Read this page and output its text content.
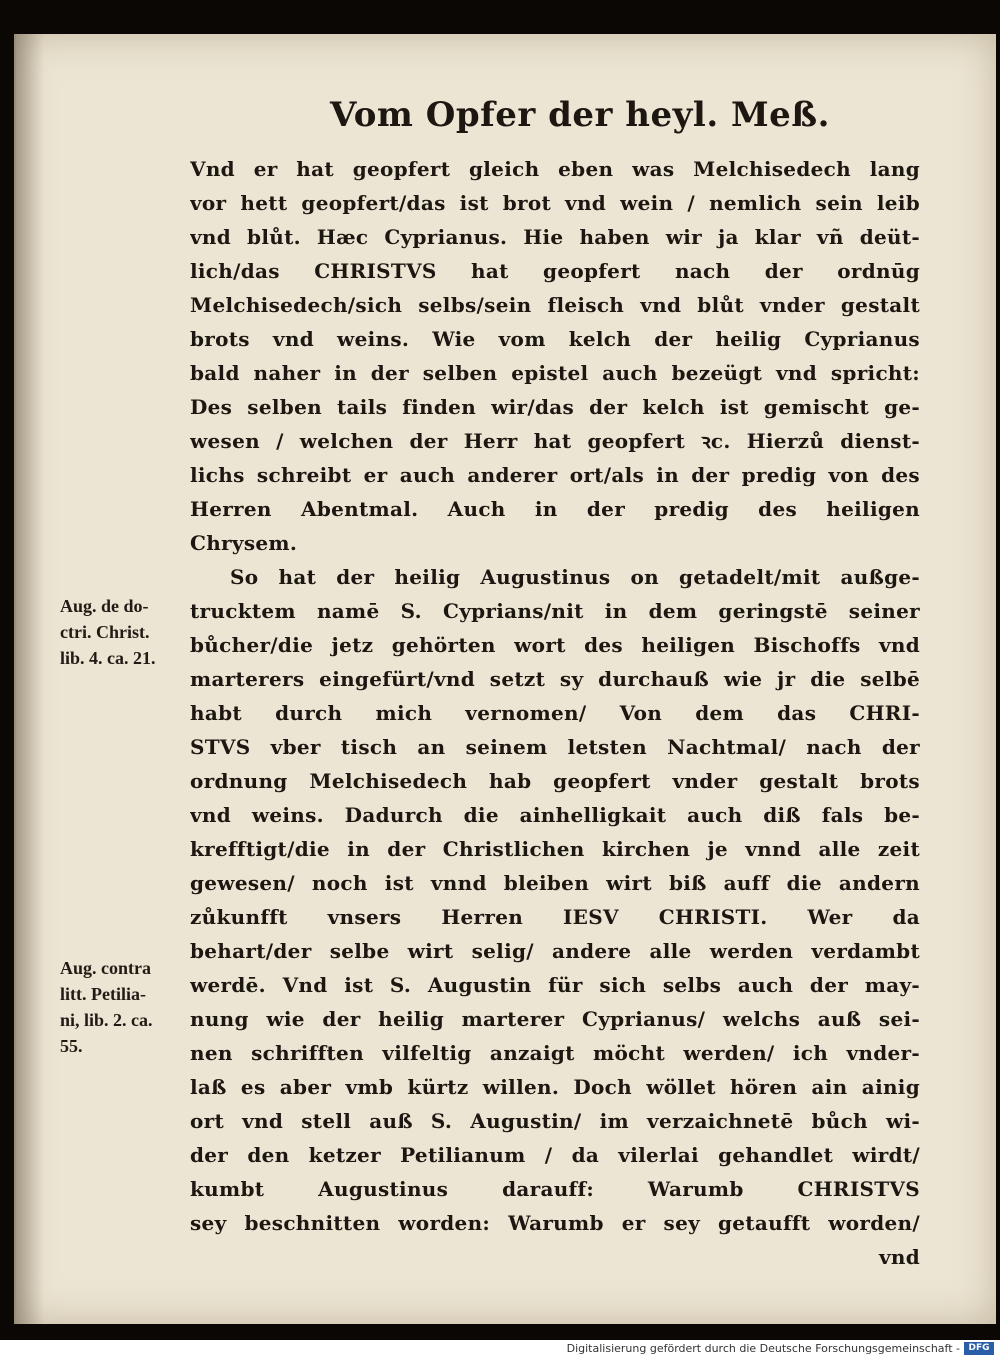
Vom Opfer der heyl. Meß.
Vnd er hat geopfert gleich eben was Melchisedech lang
vor hett geopfert/das ist brot vnd wein / nemlich sein leib
vnd blůt. Hæc Cyprianus. Hie haben wir ja klar vñ deüt-
lich/das CHRISTVS hat geopfert nach der ordnūg
Melchisedech/sich selbs/sein fleisch vnd blůt vnder gestalt
brots vnd weins. Wie vom kelch der heilig Cyprianus
bald naher in der selben epistel auch bezeügt vnd spricht:
Des selben tails finden wir/das der kelch ist gemischt ge-
wesen / welchen der Herr hat geopfert ꝛc. Hierzů dienst-
lichs schreibt er auch anderer ort/als in der predig von des
Herren Abentmal. Auch in der predig des heiligen
Chrysem.
So hat der heilig Augustinus on getadelt/mit außge-
trucktem namē S. Cyprians/nit in dem geringstē seiner
bůcher/die jetz gehörten wort des heiligen Bischoffs vnd
marterers eingefürt/vnd setzt sy durchauß wie jr die selbē
habt durch mich vernomen/ Von dem das CHRI-
STVS vber tisch an seinem letsten Nachtmal/ nach der
ordnung Melchisedech hab geopfert vnder gestalt brots
vnd weins. Dadurch die ainhelligkait auch diß fals be-
krefftigt/die in der Christlichen kirchen je vnnd alle zeit
gewesen/ noch ist vnnd bleiben wirt biß auff die andern
zůkunfft vnsers Herren IESV CHRISTI. Wer da
behart/der selbe wirt selig/ andere alle werden verdambt
werdē. Vnd ist S. Augustin für sich selbs auch der may-
nung wie der heilig marterer Cyprianus/ welchs auß sei-
nen schrifften vilfeltig anzaigt möcht werden/ ich vnder-
laß es aber vmb kürtz willen. Doch wöllet hören ain ainig
ort vnd stell auß S. Augustin/ im verzaichnetē bůch wi-
der den ketzer Petilianum / da vilerlai gehandlet wirdt/
kumbt Augustinus darauff: Warumb CHRISTVS
sey beschnitten worden: Warumb er sey getaufft worden/
vnd
Aug. de do-
ctri. Christ.
lib. 4. ca. 21.
Aug. contra
litt. Petilia-
ni, lib. 2. ca.
55.
Digitalisierung gefördert durch die Deutsche Forschungsgemeinschaft - DFG
